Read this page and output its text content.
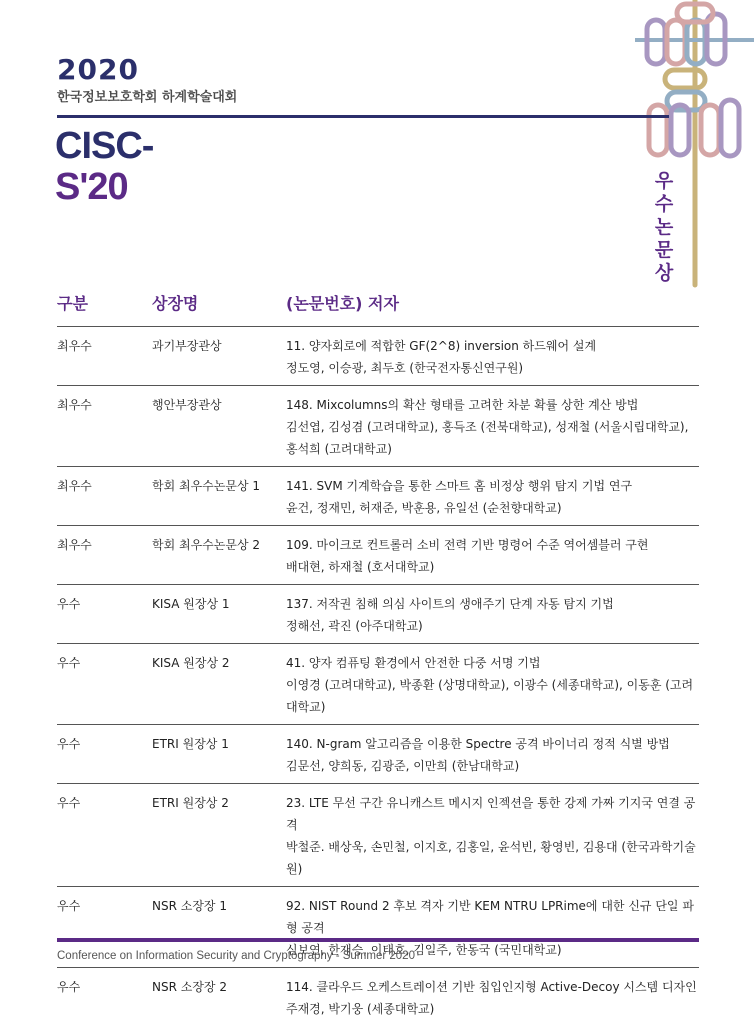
2020
한국정보보호학회 하계학술대회
CISC-
S'20	우
수
논
문
상
구분	상장명	(논문번호) 저자
최우수	과기부장관상	11. 양자회로에 적합한 GF(2^8) inversion 하드웨어 설계
정도영, 이승광, 최두호 (한국전자통신연구원)
최우수	행안부장관상	148. Mixcolumns의 확산 형태를 고려한 차분 확률 상한 계산 방법
김선엽, 김성겸 (고려대학교), 홍득조 (전북대학교), 성재철 (서울시립대학교), 홍석희 (고려대학교)
최우수	학회 최우수논문상 1	141. SVM 기계학습을 통한 스마트 홈 비정상 행위 탐지 기법 연구
윤건, 정재민, 허재준, 박훈용, 유일선 (순천향대학교)
최우수	학회 최우수논문상 2	109. 마이크로 컨트롤러 소비 전력 기반 명령어 수준 역어셈블러 구현
배대현, 하재철 (호서대학교)
우수	KISA 원장상 1	137. 저작권 침해 의심 사이트의 생애주기 단계 자동 탐지 기법
정해선, 곽진 (아주대학교)
우수	KISA 원장상 2	41. 양자 컴퓨팅 환경에서 안전한 다중 서명 기법
이영경 (고려대학교), 박종환 (상명대학교), 이광수 (세종대학교), 이동훈 (고려대학교)
우수	ETRI 원장상 1	140. N-gram 알고리즘을 이용한 Spectre 공격 바이너리 정적 식별 방법
김문선, 양희동, 김광준, 이만희 (한남대학교)
우수	ETRI 원장상 2	23. LTE 무선 구간 유니캐스트 메시지 인젝션을 통한 강제 가짜 기지국 연결 공격
박철준. 배상욱, 손민철, 이지호, 김홍일, 윤석빈, 황영빈, 김용대 (한국과학기술원)
우수	NSR 소장장 1	92. NIST Round 2 후보 격자 기반 KEM NTRU LPRime에 대한 신규 단일 파형 공격
심보연, 한재승, 이태호, 김일주, 한동국 (국민대학교)
우수	NSR 소장장 2	114. 클라우드 오케스트레이션 기반 침입인지형 Active-Decoy 시스템 디자인
주재경, 박기웅 (세종대학교)
Conference on Information Security and Cryptography - Summer 2020
